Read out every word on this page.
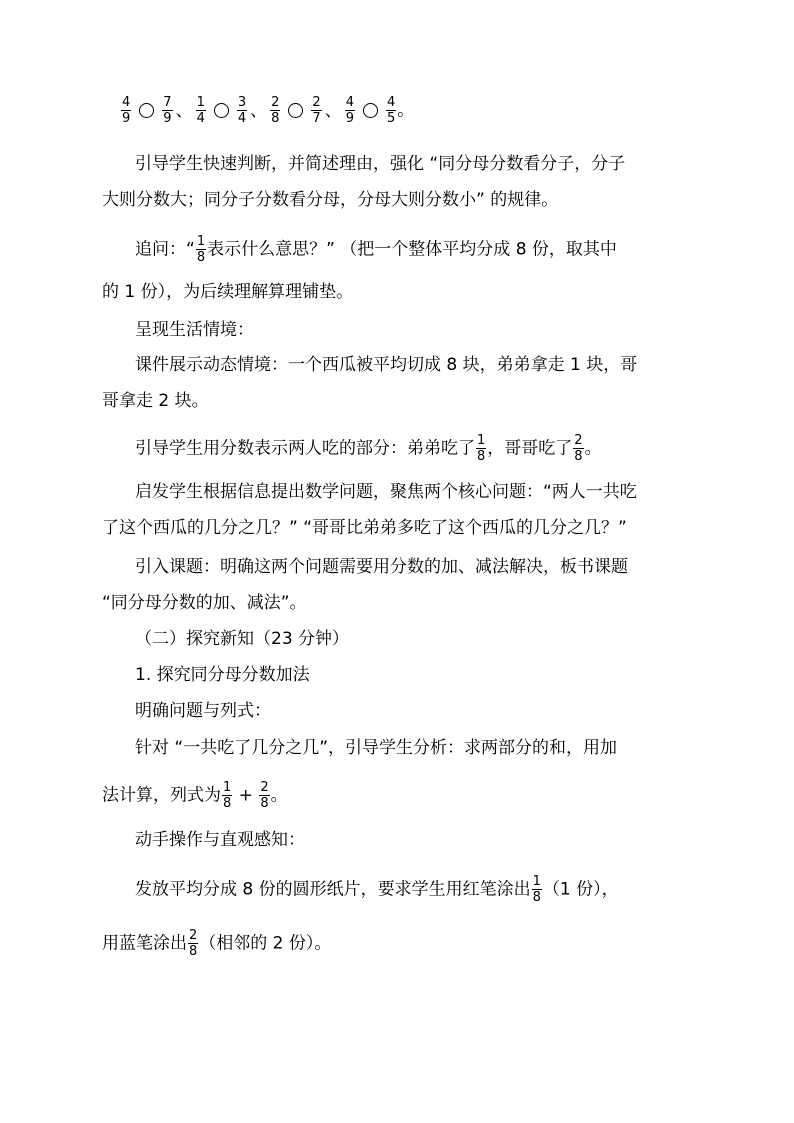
$\frac{4}{9} \frac{7}{9}$ 、 $\frac{1}{4} \frac{3}{4}$ 、 $\frac{2}{8} \frac{2}{7}$ 、 $\frac{4}{9} \frac{4}{5}$ 。
引导学生快速判断，并简述理由，强化 “同分母分数看分子，分子
大则分数大；同分子分数看分母，分母大则分数小” 的规律。
追问：“ $\frac{1}{8}$ 表示什么意思？” （把一个整体平均分成 8 份，取其中
的 1 份），为后续理解算理铺垫。
呈现生活情境：
课件展示动态情境：一个西瓜被平均切成 8 块，弟弟拿走 1 块，哥
哥拿走 2 块。
引导学生用分数表示两人吃的部分：弟弟吃了 $\frac{1}{8}$ ，哥哥吃了 $\frac{2}{8}$ 。
启发学生根据信息提出数学问题，聚焦两个核心问题：“两人一共吃
了这个西瓜的几分之几？” “哥哥比弟弟多吃了这个西瓜的几分之几？”
引入课题：明确这两个问题需要用分数的加、减法解决，板书课题
“同分母分数的加、减法”。
（二）探究新知（23 分钟）
1. 探究同分母分数加法
明确问题与列式：
针对 “一共吃了几分之几”，引导学生分析：求两部分的和，用加
法计算，列式为 $\frac{1}{8} + \frac{2}{8}$ 。
动手操作与直观感知：
发放平均分成 8 份的圆形纸片，要求学生用红笔涂出 $\frac{1}{8} (1$ 份），
用蓝笔涂出 $\frac{2}{8}$ （相邻的 2 份）。
